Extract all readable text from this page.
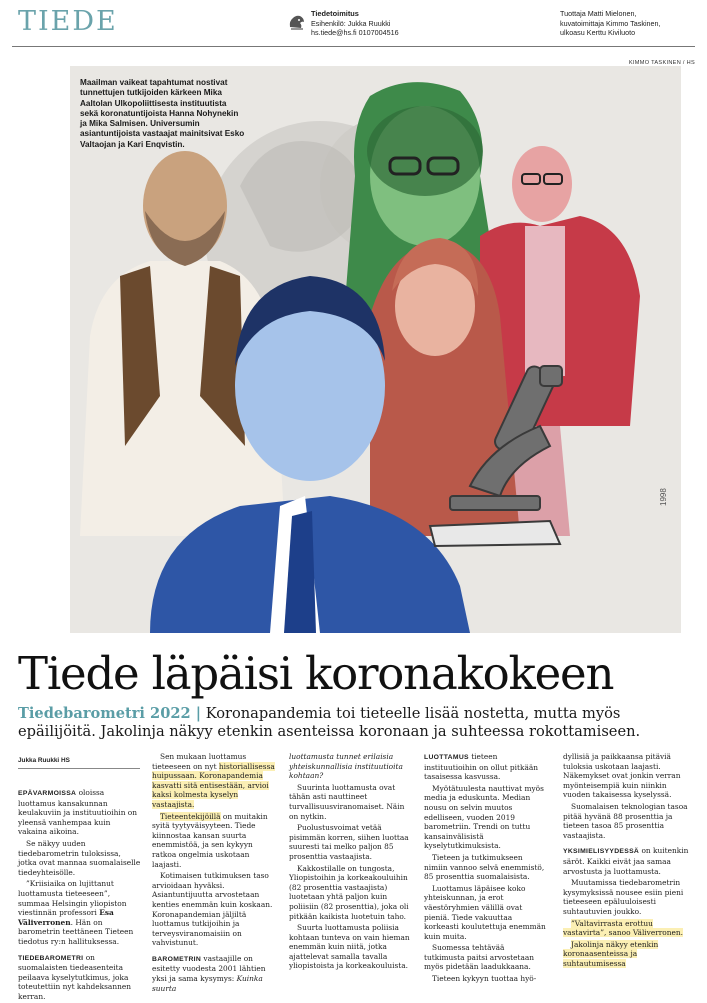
TIEDE	Tiedetoimitus
Esihenkilö: Jukka Ruukki
hs.tiede@hs.fi 0107004516
Tuottaja Matti Mielonen,
kuvatoimittaja Kimmo Taskinen,
ulkoasu Kerttu Kiviluoto
KIMMO TASKINEN / HS
1998
Maailman vaikeat tapahtumat nostivat tunnettujen tutkijoiden kärkeen Mika Aaltolan Ulkopoliittisesta instituutista sekä koronatuntijoista Hanna Nohynekin ja Mika Salmisen. Universumin asiantuntijoista vastaajat mainitsivat Esko Valtaojan ja Kari Enqvistin.
Tiede läpäisi koronakokeen
Tiedebarometri 2022 | Koronapandemia toi tieteelle lisää nostetta, mutta myös epäilijöitä. Jakolinja näkyy etenkin asenteissa koronaan ja suhteessa rokottamiseen.
Jukka Ruukki HS

EPÄVARMOISSA oloissa luottamus kansakunnan keulakuviin ja instituutioihin on yleensä vanhempaa kuin vakaina aikoina.

Se näkyy uuden tiedebarometrin tuloksissa, jotka ovat mannaa suomalaiselle tiedeyhteisölle.

”Kriisiaika on lujittanut luottamusta tieteeseen”, summaa Helsingin yliopiston viestinnän professori Esa Väliverronen. Hän on barometrin teettäneen Tieteen tiedotus ry:n hallituksessa.

TIEDEBAROMETRI on suomalaisten tiedeasenteita peilaava kyselytutkimus, joka toteutettiin nyt kahdeksannen kerran.

Sen mukaan luottamus tieteeseen on nyt historiallisessa huipussaan. Koronapandemia kasvatti sitä entisestään, arvioi kaksi kolmesta kyselyn vastaajista.

Tieteentekijöillä on muitakin syitä tyytyväisyyteen. Tiede kiinnostaa kansan suurta enemmistöä, ja sen kykyyn ratkoa ongelmia uskotaan laajasti.

Kotimaisen tutkimuksen taso arvioidaan hyväksi. Asiantuntijuutta arvostetaan kenties enemmän kuin koskaan. Koronapandemian jäljiltä luottamus tutkijoihin ja terveysviranomaisiin on vahvistunut.

BAROMETRIN vastaajille on esitetty vuodesta 2001 lähtien yksi ja sama kysymys: Kuinka suurta

luottamusta tunnet erilaisia yhteiskunnallisia instituutioita kohtaan?

Suurinta luottamusta ovat tähän asti nauttineet turvallisuusviranomaiset. Näin on nytkin.

Puolustusvoimat vetää pisimmän korren, siihen luottaa suuresti tai melko paljon 85 prosenttia vastaajista.

Kakkostilalle on tungosta, Yliopistoihin ja korkeakouluihin (82 prosenttia vastaajista) luotetaan yhtä paljon kuin poliisiin (82 prosenttia), joka oli pitkään kaikista luotetuin taho.

Suurta luottamusta poliisia kohtaan tunteva on vain hieman enemmän kuin niitä, jotka ajattelevat samalla tavalla yliopistoista ja korkeakouluista.

LUOTTAMUS tieteen instituutioihin on ollut pitkään tasaisessa kasvussa.

Myötätuulesta nauttivat myös media ja eduskunta. Median nousu on selvin muutos edelliseen, vuoden 2019 barometriin. Trendi on tuttu kansainvälisistä kyselytutkimuksista.

Tieteen ja tutkimukseen nimiin vannoo selvä enemmistö, 85 prosenttia suomalaisista.

Luottamus läpäisee koko yhteiskunnan, ja erot väestöryhmien välillä ovat pieniä. Tiede vakuuttaa korkeasti koulutettuja enemmän kuin muita.

Suomessa tehtävää tutkimusta paitsi arvostetaan myös pidetään laadukkaana.

Tieteen kykyyn tuottaa hyö-

dyllisiä ja paikkaansa pitäviä tuloksia uskotaan laajasti. Näkemykset ovat jonkin verran myönteisempiä kuin niinkin vuoden takaisessa kyselyssä.

Suomalaisen teknologian tasoa pitää hyvänä 88 prosenttia ja tieteen tasoa 85 prosenttia vastaajista.

YKSIMIELISYYDESSÄ on kuitenkin säröt. Kaikki eivät jaa samaa arvostusta ja luottamusta.

Muutamissa tiedebarometrin kysymyksissä nousee esiin pieni tieteeseen epäluuloisesti suhtautuvien joukko.

”Valtavirrasta erottuu vastavirta”, sanoo Väliverronen.

Jakolinja näkyy etenkin koronaasenteissa ja suhtautumisessa
